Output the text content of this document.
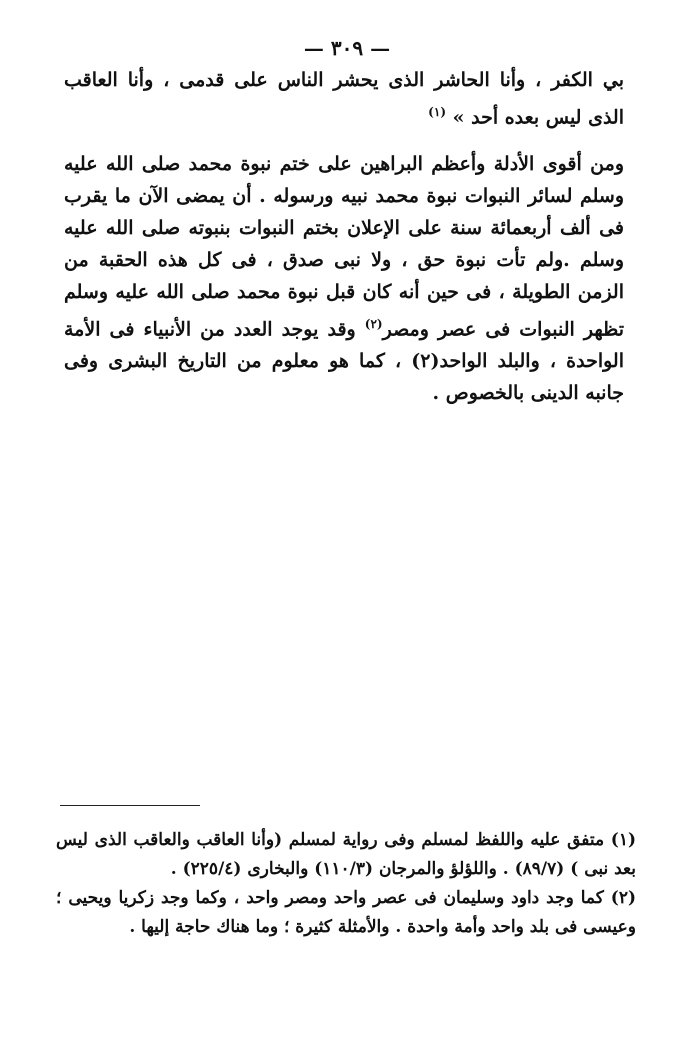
— ٣٠٩ —
بي الكفر ، وأنا الحاشر الذى يحشر الناس على قدمى ، وأنا العاقب الذى ليس بعده أحد » $^{(١)}$
ومن أقوى الأدلة وأعظم البراهين على ختم نبوة محمد صلى الله عليه وسلم لسائر النبوات نبوة محمد نبيه ورسوله . أن يمضى الآن ما يقرب فى ألف أربعمائة سنة على الإعلان بختم النبوات بنبوته صلى الله عليه وسلم .ولم تأت نبوة حق ، ولا نبى صدق ، فى كل هذه الحقبة من الزمن الطويلة ، فى حين أنه كان قبل نبوة محمد صلى الله عليه وسلم تظهر النبوات فى عصر ومصر$^{(٢)}$ وقد يوجد العدد من الأنبياء فى الأمة الواحدة ، والبلد الواحد(٢) ، كما هو معلوم من التاريخ البشرى وفى جانبه الدينى بالخصوص .

(١) متفق عليه واللفظ لمسلم وفى رواية لمسلم (وأنا العاقب والعاقب الذى ليس بعد نبى ) (٨٩/٧) . واللؤلؤ والمرجان (١١٠/٣) والبخارى (٢٢٥/٤) .

(٢) كما وجد داود وسليمان فى عصر واحد ومصر واحد ، وكما وجد زكريا ويحيى ؛ وعيسى فى بلد واحد وأمة واحدة . والأمثلة كثيرة ؛ وما هناك حاجة إليها .
